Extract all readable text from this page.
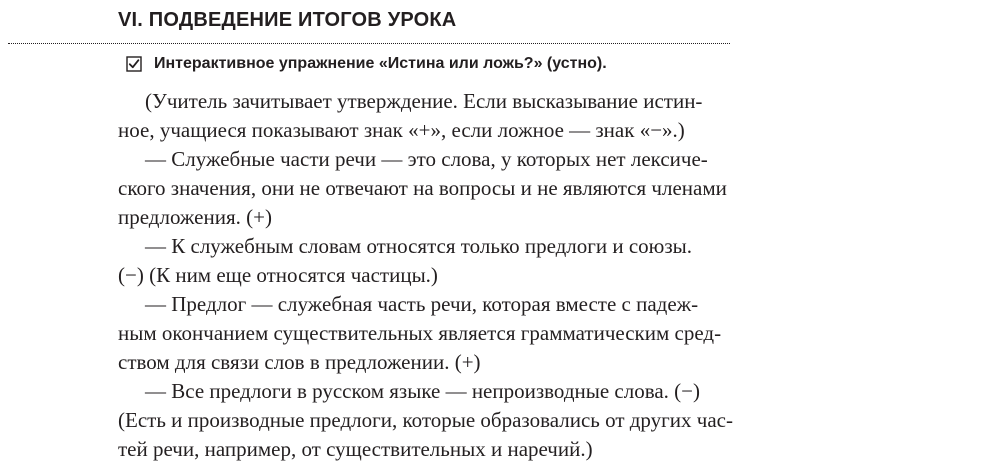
VI. ПОДВЕДЕНИЕ ИТОГОВ УРОКА
Интерактивное упражнение «Истина или ложь?» (устно).
(Учитель зачитывает утверждение. Если высказывание истин-
ное, учащиеся показывают знак «+», если ложное — знак «−».)
— Служебные части речи — это слова, у которых нет лексиче-
ского значения, они не отвечают на вопросы и не являются членами
предложения. (+)
— К служебным словам относятся только предлоги и союзы.
(−) (К ним еще относятся частицы.)
— Предлог — служебная часть речи, которая вместе с падеж-
ным окончанием существительных является грамматическим сред-
ством для связи слов в предложении. (+)
— Все предлоги в русском языке — непроизводные слова. (−)
(Есть и производные предлоги, которые образовались от других час-
тей речи, например, от существительных и наречий.)
